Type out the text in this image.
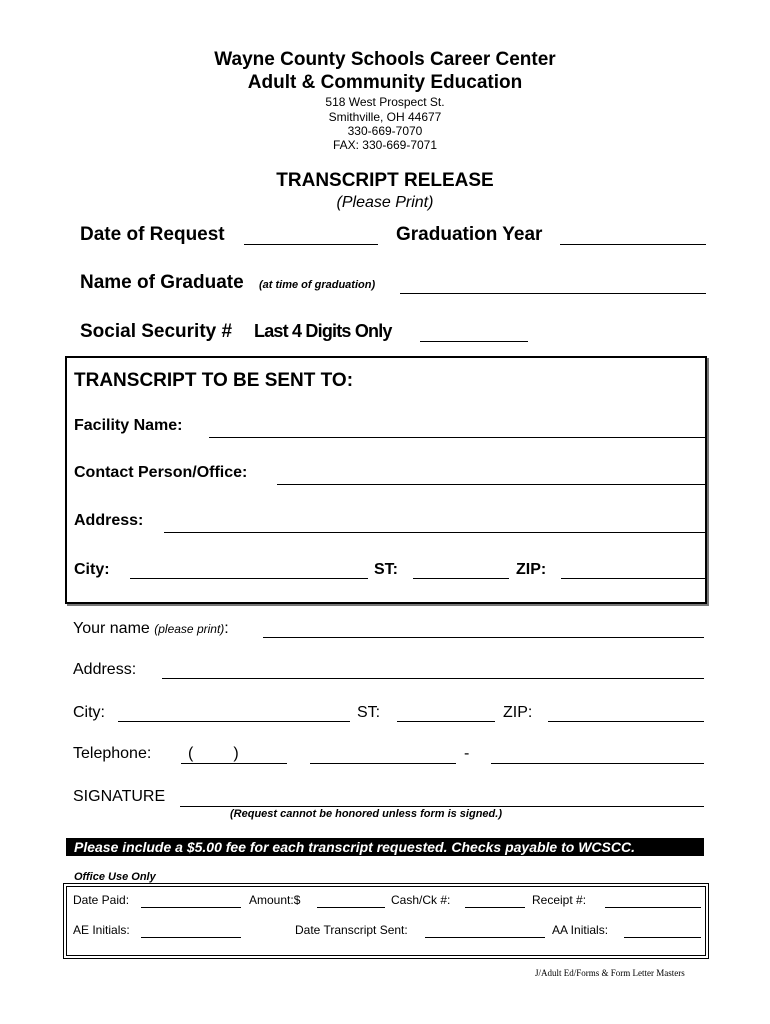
Wayne County Schools Career Center
Adult & Community Education
518 West Prospect St.
Smithville, OH 44677
330-669-7070
FAX: 330-669-7071
TRANSCRIPT RELEASE
(Please Print)
Date of Request	Graduation Year
Name of Graduate (at time of graduation)
Social Security # Last 4 Digits Only
TRANSCRIPT TO BE SENT TO:
Facility Name:
Contact Person/Office:
Address:
City:	ST:	ZIP:
Your name (please print):
Address:
City:	ST:	ZIP:
Telephone: (         )	-
SIGNATURE
(Request cannot be honored unless form is signed.)
Please include a $5.00 fee for each transcript requested. Checks payable to WCSCC.
Office Use Only
Date Paid:	Amount:$	Cash/Ck #:	Receipt #:
AE Initials:	Date Transcript Sent:	AA Initials:
J/Adult Ed/Forms & Form Letter Masters
